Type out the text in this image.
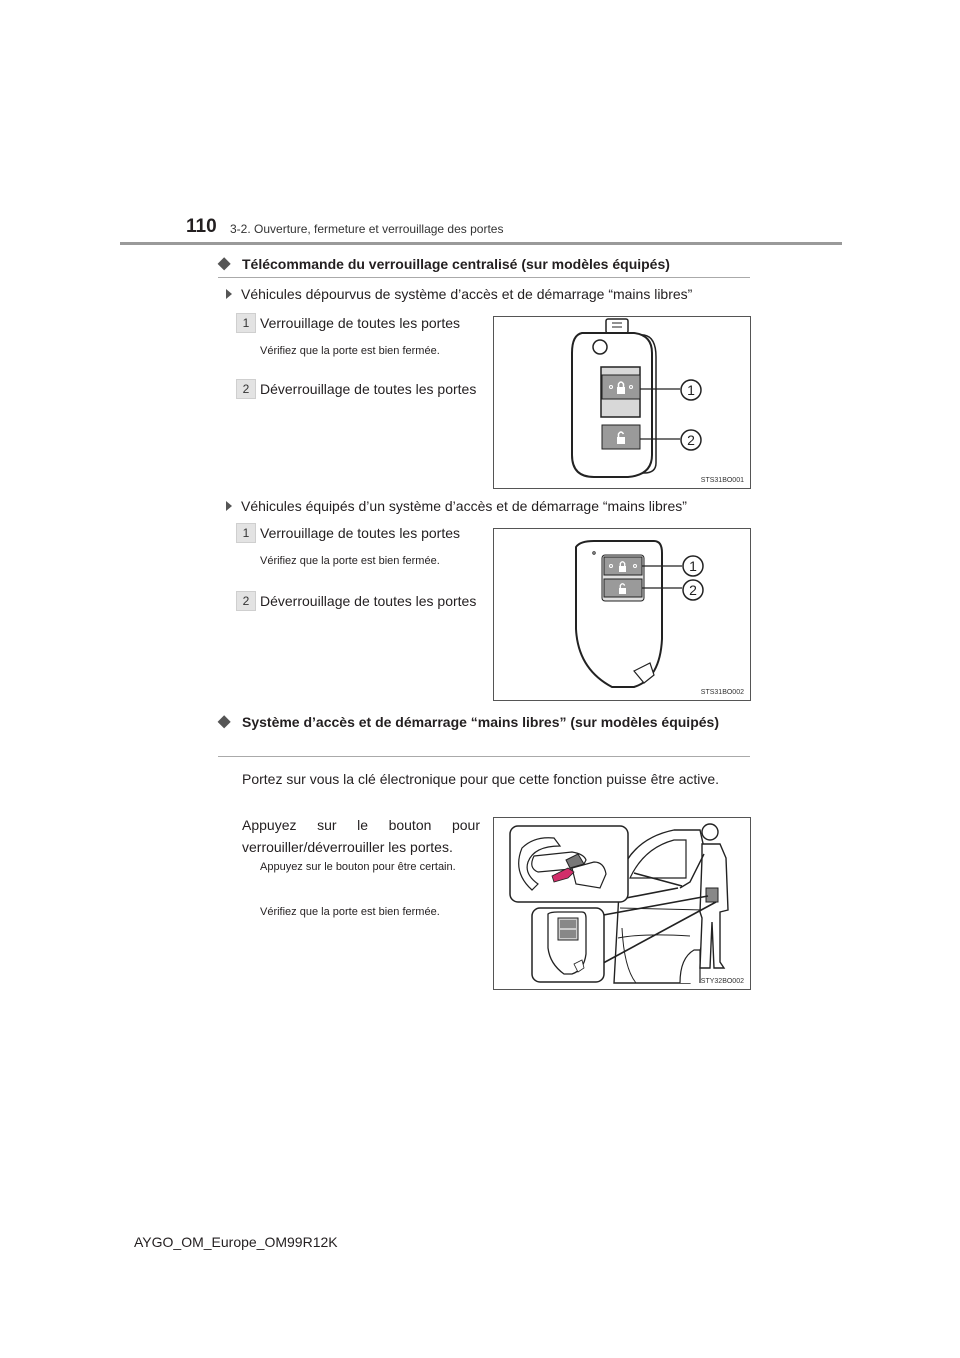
110 3-2. Ouverture, fermeture et verrouillage des portes
◆ Télécommande du verrouillage centralisé (sur modèles équipés)
Véhicules dépourvus de système d’accès et de démarrage “mains libres”
1 Verrouillage de toutes les portes
Vérifiez que la porte est bien fermée.
2 Déverrouillage de toutes les portes	1
2
STS31BO001
Véhicules équipés d’un système d’accès et de démarrage “mains libres”
1 Verrouillage de toutes les portes
Vérifiez que la porte est bien fermée.
2 Déverrouillage de toutes les portes
1
2
STS31BO002
◆ Système d’accès et de démarrage “mains libres” (sur modèles équipés)
Portez sur vous la clé électronique pour que cette fonction puisse être active.
Appuyez sur le bouton pour verrouiller/déverrouiller les portes.
Appuyez sur le bouton pour être certain.
Vérifiez que la porte est bien fermée.
STY32BO002
AYGO_OM_Europe_OM99R12K
